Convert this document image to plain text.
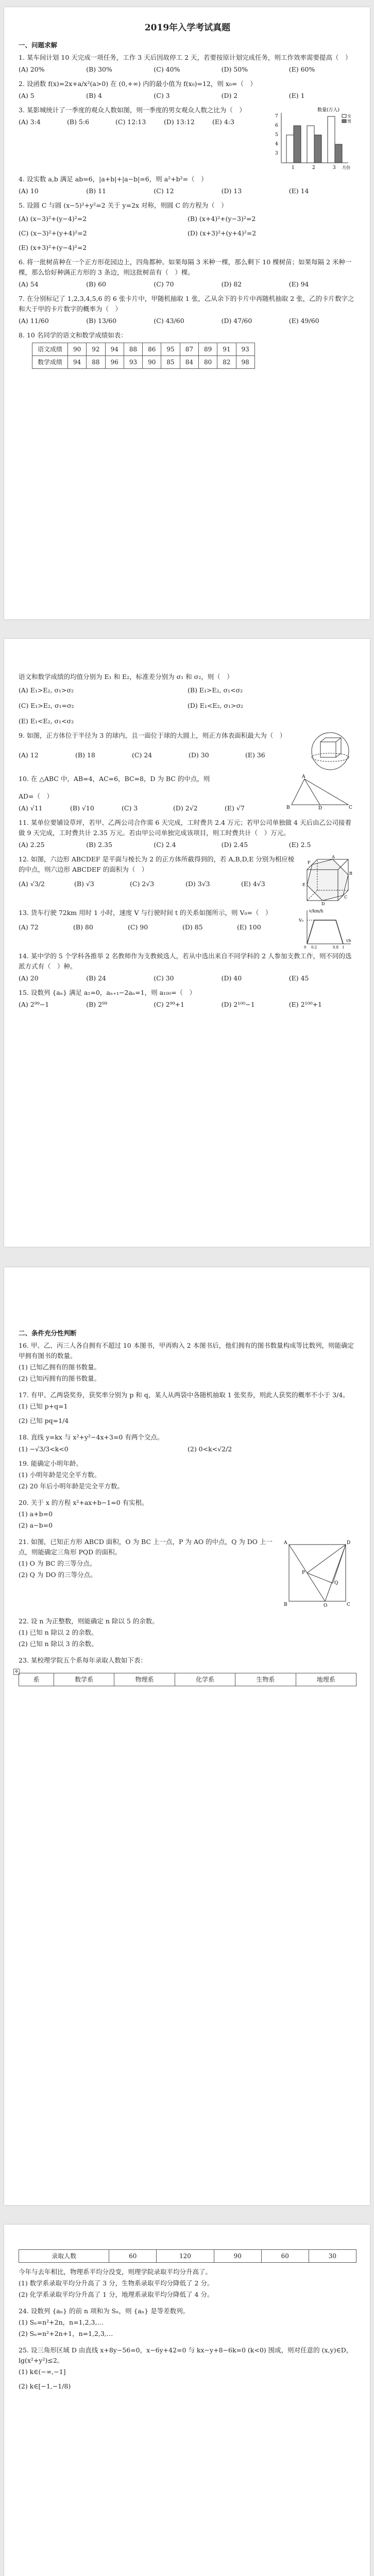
2019年入学考试真题
一、问题求解

1. 某车间计划 10 天完成一项任务，工作 3 天后因故停工 2 天，若要按原计划完成任务，则工作效率需要提高（　）

(A) 20%	(B) 30%	(C) 40%	(D) 50%	(E) 60%

2. 设函数 f(x)=2x+a/x²(a>0) 在 (0,+∞) 内的最小值为 f(x₀)=12，则 x₀=（　）

(A) 5	(B) 4	(C) 3	(D) 2	(E) 1
数量(万人)
7
6
5
4
3
1	2	3 月份
女
男

3. 某影城统计了一季度的观众人数如图，则一季度的男女观众人数之比为（　）

(A) 3:4	(B) 5:6	(C) 12:13	(D) 13:12	(E) 4:3

4. 设实数 a,b 满足 ab=6，|a+b|+|a−b|=6，则 a²+b²=（　）

(A) 10	(B) 11	(C) 12	(D) 13	(E) 14

5. 设圆 C 与圆 (x−5)²+y²=2 关于 y=2x 对称，则圆 C 的方程为（　）

(A) (x−3)²+(y−4)²=2	(B) (x+4)²+(y−3)²=2
(C) (x−3)²+(y+4)²=2	(D) (x+3)²+(y+4)²=2
(E) (x+3)²+(y−4)²=2

6. 将一批树苗种在一个正方形花园边上，四角都种。如果每隔 3 米种一棵，那么剩下 10 棵树苗；如果每隔 2 米种一棵，那么恰好种满正方形的 3 条边，则这批树苗有（　）棵。

(A) 54	(B) 60	(C) 70	(D) 82	(E) 94

7. 在分别标记了 1,2,3,4,5,6 的 6 张卡片中，甲随机抽取 1 张，乙从余下的卡片中再随机抽取 2 张，乙的卡片数字之和大于甲的卡片数字的概率为（　）

(A) 11/60	(B) 13/60	(C) 43/60	(D) 47/60	(E) 49/60

8. 10 名同学的语文和数学成绩如表：

语文成绩	90	92	94	88	86	95	87	89	91	93
数学成绩	94	88	96	93	90	85	84	80	82	98

语文和数学成绩的均值分别为 E₁ 和 E₂，标准差分别为 σ₁ 和 σ₂，则（　）

(A) E₁>E₂, σ₁>σ₂	(B) E₁>E₂, σ₁<σ₂
(C) E₁>E₂, σ₁=σ₂	(D) E₁<E₂, σ₁>σ₂
(E) E₁<E₂, σ₁<σ₂

9. 如图，正方体位于半径为 3 的球内，且一面位于球的大圆上，则正方体表面积最大为（　）

(A) 12	(B) 18	(C) 24	(D) 30	(E) 36
A
B	D	C

10. 在 △ABC 中，AB=4，AC=6，BC=8，D 为 BC 的中点，则

AD=（　）

(A) √11	(B) √10	(C) 3	(D) 2√2	(E) √7

11. 某单位要铺设草坪，若甲、乙两公司合作需 6 天完成，工时费共 2.4 万元；若甲公司单独做 4 天后由乙公司接着做 9 天完成，工时费共计 2.35 万元。若由甲公司单独完成该项目，则工时费共计（　）万元。

(A) 2.25	(B) 2.35	(C) 2.4	(D) 2.45	(E) 2.5
A
B
C
D
E
F

12. 如图，六边形 ABCDEF 是平面与棱长为 2 的正方体所截得到的，若 A,B,D,E 分别为相应棱的中点，则六边形 ABCDEF 的面积为（　）

(A) √3/2	(B) √3	(C) 2√3	(D) 3√3	(E) 4√3
v/km/h
V₀
0 0.2	0.8 1
t/h

13. 货车行驶 72km 用时 1 小时，速度 V 与行驶时间 t 的关系如图所示，则 V₀=（　）

(A) 72	(B) 80	(C) 90	(D) 85	(E) 100

14. 某中学的 5 个学科各推举 2 名教师作为支教候选人，若从中选出来自不同学科的 2 人参加支教工作，则不同的选派方式有（　）种。

(A) 20	(B) 24	(C) 30	(D) 40	(E) 45

15. 设数列 {aₙ} 满足 a₁=0，aₙ₊₁−2aₙ=1，则 a₁₀₀=（　）

(A) 2⁹⁹−1	(B) 2⁹⁹	(C) 2⁹⁹+1	(D) 2¹⁰⁰−1	(E) 2¹⁰⁰+1
二、条件充分性判断

16. 甲、乙、丙三人各自拥有不超过 10 本图书，甲再购入 2 本图书后，他们拥有的图书数量构成等比数列，则能确定甲拥有图书的数量。

(1) 已知乙拥有的图书数量。
(2) 已知丙拥有的图书数量。

17. 有甲、乙两袋奖券，获奖率分别为 p 和 q，某人从两袋中各随机抽取 1 张奖券，则此人获奖的概率不小于 3/4。

(1) 已知 p+q=1
(2) 已知 pq=1/4

18. 直线 y=kx 与 x²+y²−4x+3=0 有两个交点。

(1) −√3/3<k<0	(2) 0<k<√2/2

19. 能确定小明年龄。

(1) 小明年龄是完全平方数。
(2) 20 年后小明年龄是完全平方数。

20. 关于 x 的方程 x²+ax+b−1=0 有实根。

(1) a+b=0
(2) a−b=0
A	D
P
Q
B	O	C

21. 如图，已知正方形 ABCD 面积，O 为 BC 上一点，P 为 AO 的中点，Q 为 DO 上一点，则能确定三角形 PQD 的面积。

(1) O 为 BC 的三等分点。
(2) Q 为 DO 的三等分点。

22. 设 n 为正整数，则能确定 n 除以 5 的余数。

(1) 已知 n 除以 2 的余数。
(2) 已知 n 除以 3 的余数。

23. 某校理学院五个系每年录取人数如下表：

✥
系	数学系	物理系	化学系	生物系	地理系
录取人数	60	120	90	60	30

今年与去年相比，物理系平均分没变，则理学院录取平均分升高了。

(1) 数学系录取平均分升高了 3 分，生物系录取平均分降低了 2 分。
(2) 化学系录取平均分升高了 1 分，地理系录取平均分降低了 4 分。

24. 设数列 {aₙ} 的前 n 项和为 Sₙ，则 {aₙ} 是等差数列。

(1) Sₙ=n²+2n，n=1,2,3,…
(2) Sₙ=n²+2n+1，n=1,2,3,…

25. 设三角形区域 D 由直线 x+8y−56=0，x−6y+42=0 与 kx−y+8−6k=0 (k<0) 围成，则对任意的 (x,y)∈D，lg(x²+y²)≤2。

(1) k∈(−∞,−1]
(2) k∈[−1,−1/8)
